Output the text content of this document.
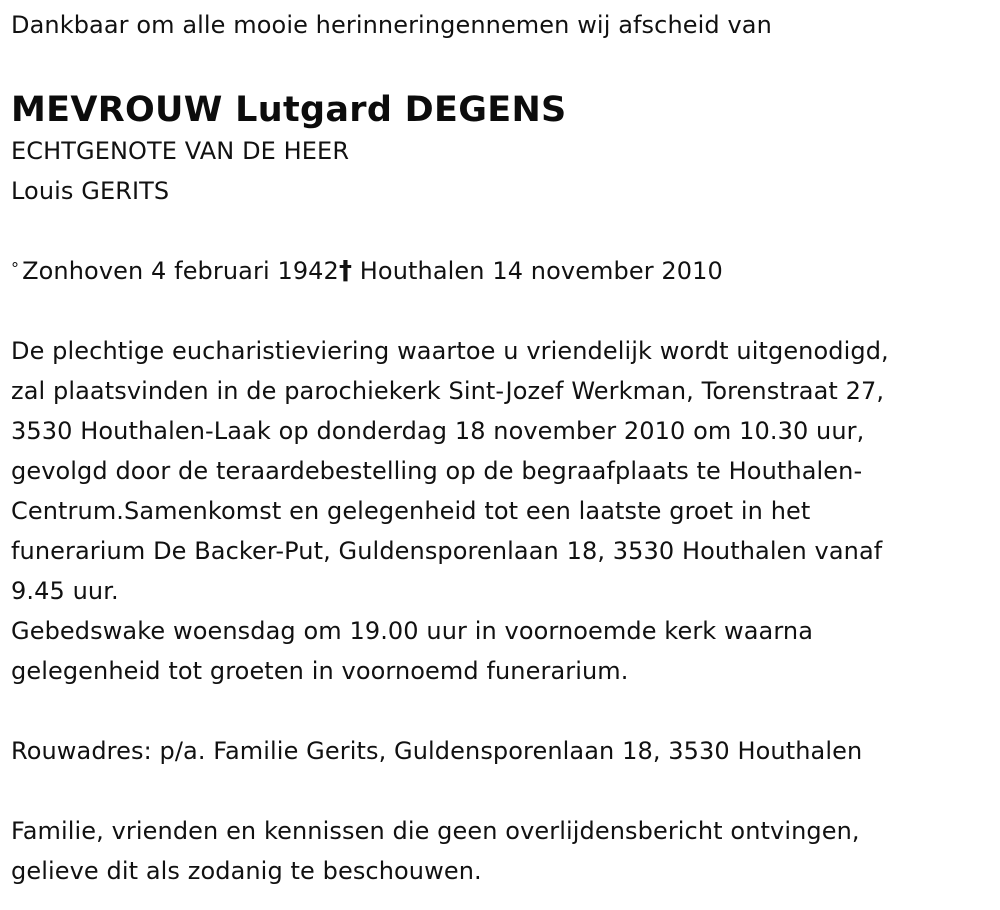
Dankbaar om alle mooie herinneringennemen wij afscheid van
MEVROUW Lutgard DEGENS
ECHTGENOTE VAN DE HEER
Louis GERITS
° Zonhoven 4 februari 1942† Houthalen 14 november 2010
De plechtige eucharistieviering waartoe u vriendelijk wordt uitgenodigd,
zal plaatsvinden in de parochiekerk Sint-Jozef Werkman, Torenstraat 27,
3530 Houthalen-Laak op donderdag 18 november 2010 om 10.30 uur,
gevolgd door de teraardebestelling op de begraafplaats te Houthalen-
Centrum.Samenkomst en gelegenheid tot een laatste groet in het
funerarium De Backer-Put, Guldensporenlaan 18, 3530 Houthalen vanaf
9.45 uur.
Gebedswake woensdag om 19.00 uur in voornoemde kerk waarna
gelegenheid tot groeten in voornoemd funerarium.
Rouwadres: p/a. Familie Gerits, Guldensporenlaan 18, 3530 Houthalen
Familie, vrienden en kennissen die geen overlijdensbericht ontvingen,
gelieve dit als zodanig te beschouwen.
